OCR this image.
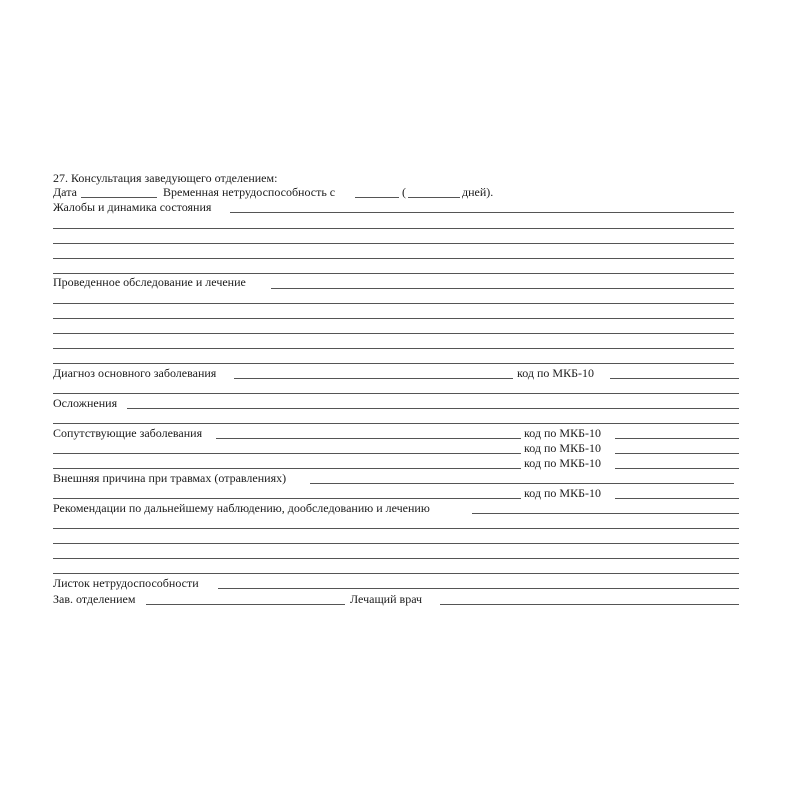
27. Консультация заведующего отделением:
Дата	Временная нетрудоспособность с	(	дней).
Жалобы и динамика состояния
Проведенное обследование и лечение
Диагноз основного заболевания	код по МКБ-10
Осложнения
Сопутствующие заболевания	код по МКБ-10
код по МКБ-10
код по МКБ-10
Внешняя причина при травмах (отравлениях)
код по МКБ-10
Рекомендации по дальнейшему наблюдению, дообследованию и лечению
Листок нетрудоспособности
Зав. отделением	Лечащий врач
